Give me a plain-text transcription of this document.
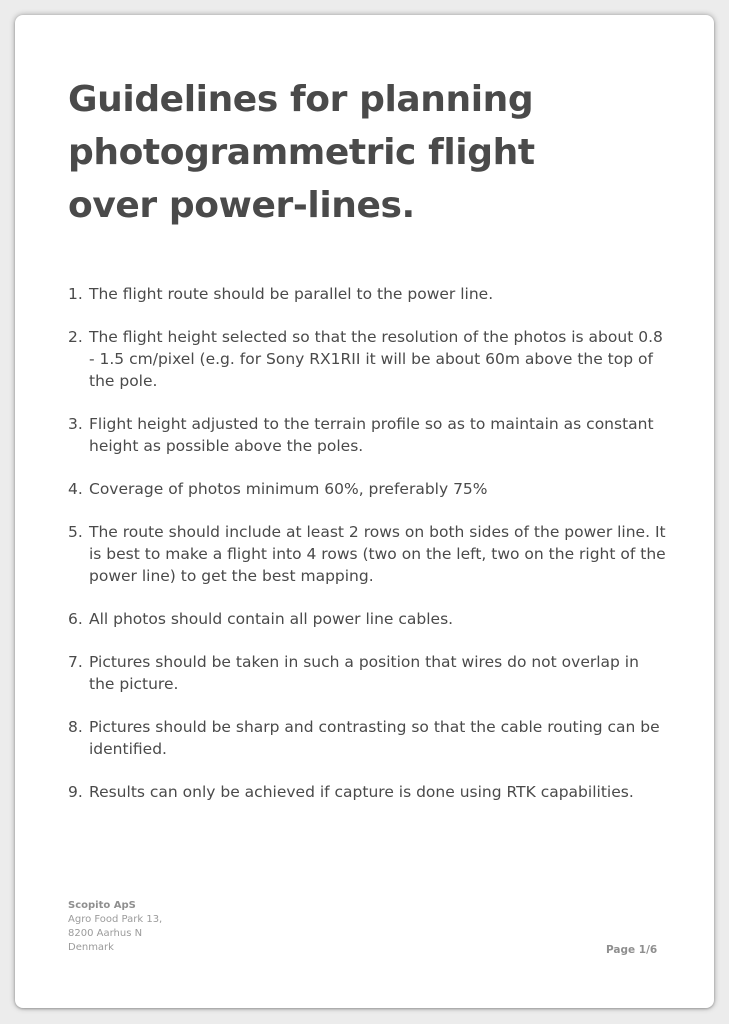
Guidelines for planning photogrammetric flight over power-lines.
1. The flight route should be parallel to the power line.
2. The flight height selected so that the resolution of the photos is about 0.8 - 1.5 cm/pixel (e.g. for Sony RX1RII it will be about 60m above the top of the pole.
3. Flight height adjusted to the terrain profile so as to maintain as constant height as possible above the poles.
4. Coverage of photos minimum 60%, preferably 75%
5. The route should include at least 2 rows on both sides of the power line. It is best to make a flight into 4 rows (two on the left, two on the right of the power line) to get the best mapping.
6. All photos should contain all power line cables.
7. Pictures should be taken in such a position that wires do not overlap in the picture.
8. Pictures should be sharp and contrasting so that the cable routing can be identified.
9. Results can only be achieved if capture is done using RTK capabilities.
Scopito ApS
Agro Food Park 13,
8200 Aarhus N
Denmark	Page 1/6
